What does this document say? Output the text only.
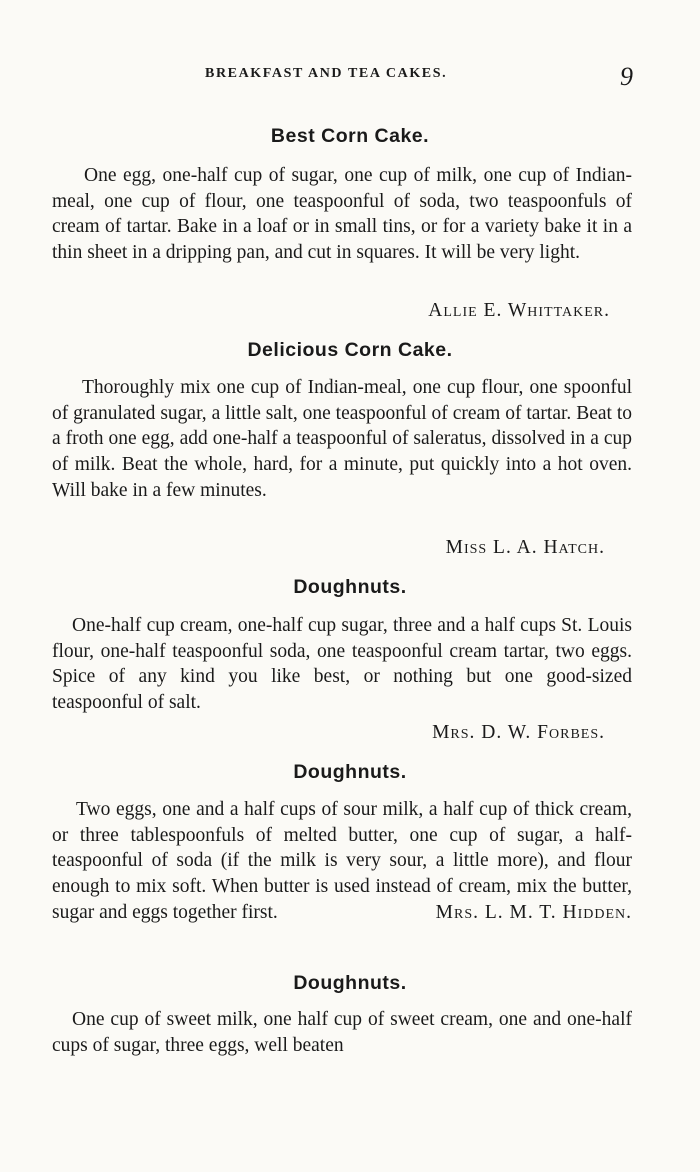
BREAKFAST AND TEA CAKES.	9
Best Corn Cake.

One egg, one-half cup of sugar, one cup of milk, one cup of Indian-meal, one cup of flour, one teaspoonful of soda, two teaspoonfuls of cream of tartar. Bake in a loaf or in small tins, or for a variety bake it in a thin sheet in a dripping pan, and cut in squares. It will be very light.

Allie E. Whittaker.
Delicious Corn Cake.

Thoroughly mix one cup of Indian-meal, one cup flour, one spoonful of granulated sugar, a little salt, one teaspoonful of cream of tartar. Beat to a froth one egg, add one-half a teaspoonful of saleratus, dissolved in a cup of milk. Beat the whole, hard, for a minute, put quickly into a hot oven. Will bake in a few minutes.

Miss L. A. Hatch.
Doughnuts.

One-half cup cream, one-half cup sugar, three and a half cups St. Louis flour, one-half teaspoonful soda, one teaspoonful cream tartar, two eggs. Spice of any kind you like best, or nothing but one good-sized teaspoonful of salt.

Mrs. D. W. Forbes.
Doughnuts.

Two eggs, one and a half cups of sour milk, a half cup of thick cream, or three tablespoonfuls of melted butter, one cup of sugar, a half-teaspoonful of soda (if the milk is very sour, a little more), and flour enough to mix soft. When butter is used instead of cream, mix the butter, sugar and eggs together first.	Mrs. L. M. T. Hidden.

Doughnuts.

One cup of sweet milk, one half cup of sweet cream, one and one-half cups of sugar, three eggs, well beaten
